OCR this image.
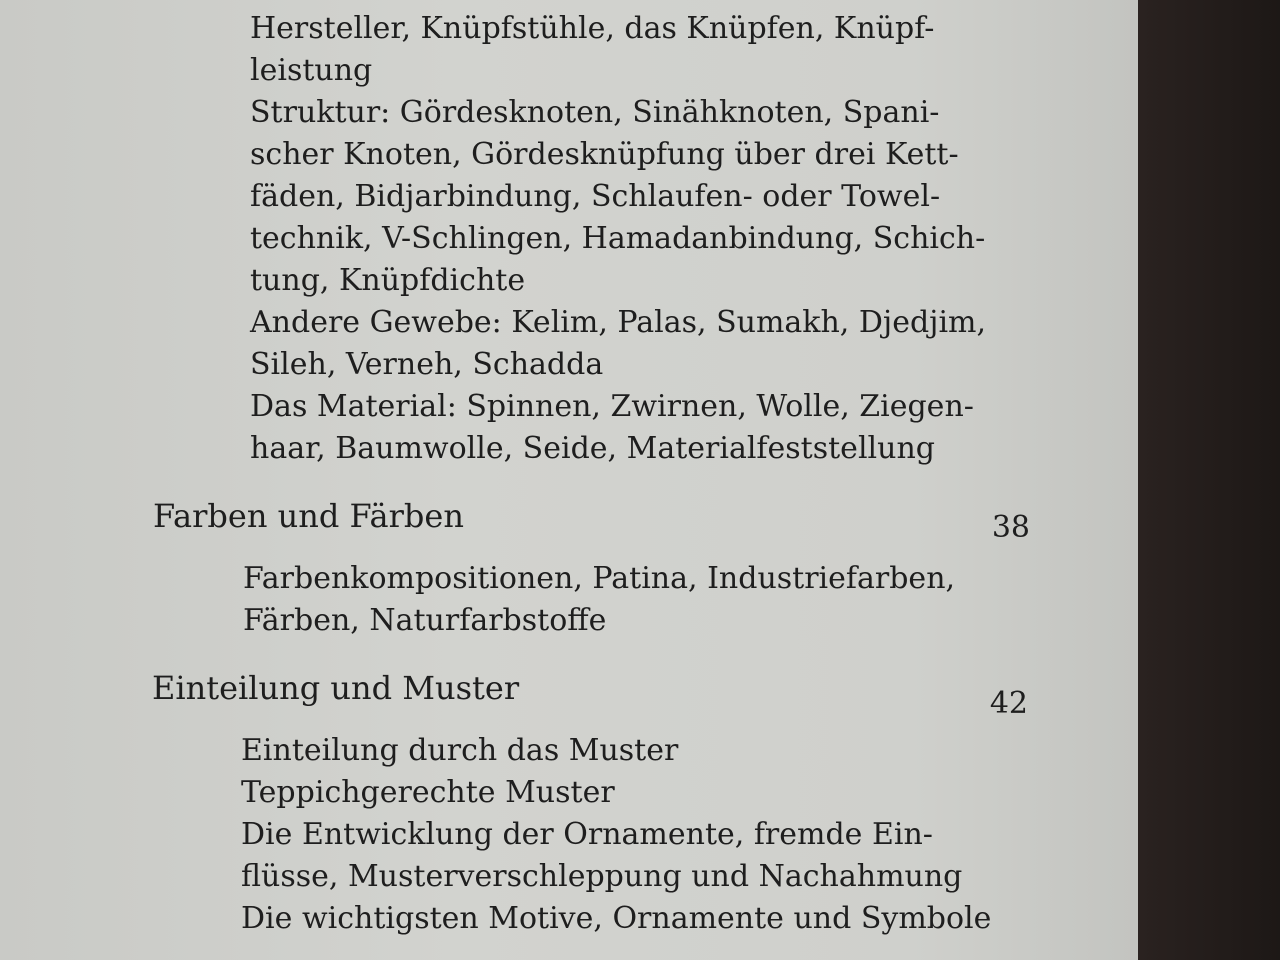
Hersteller, Knüpfstühle, das Knüpfen, Knüpf-

leistung

Struktur: Gördesknoten, Sinähknoten, Spani-

scher Knoten, Gördesknüpfung über drei Kett-

fäden, Bidjarbindung, Schlaufen- oder Towel-

technik, V-Schlingen, Hamadanbindung, Schich-

tung, Knüpfdichte

Andere Gewebe: Kelim, Palas, Sumakh, Djedjim,

Sileh, Verneh, Schadda

Das Material: Spinnen, Zwirnen, Wolle, Ziegen-

haar, Baumwolle, Seide, Materialfeststellung

Farben und Färben	38

Farbenkompositionen, Patina, Industriefarben,

Färben, Naturfarbstoffe

Einteilung und Muster	42

Einteilung durch das Muster

Teppichgerechte Muster

Die Entwicklung der Ornamente, fremde Ein-

flüsse, Musterverschleppung und Nachahmung

Die wichtigsten Motive, Ornamente und Symbole
